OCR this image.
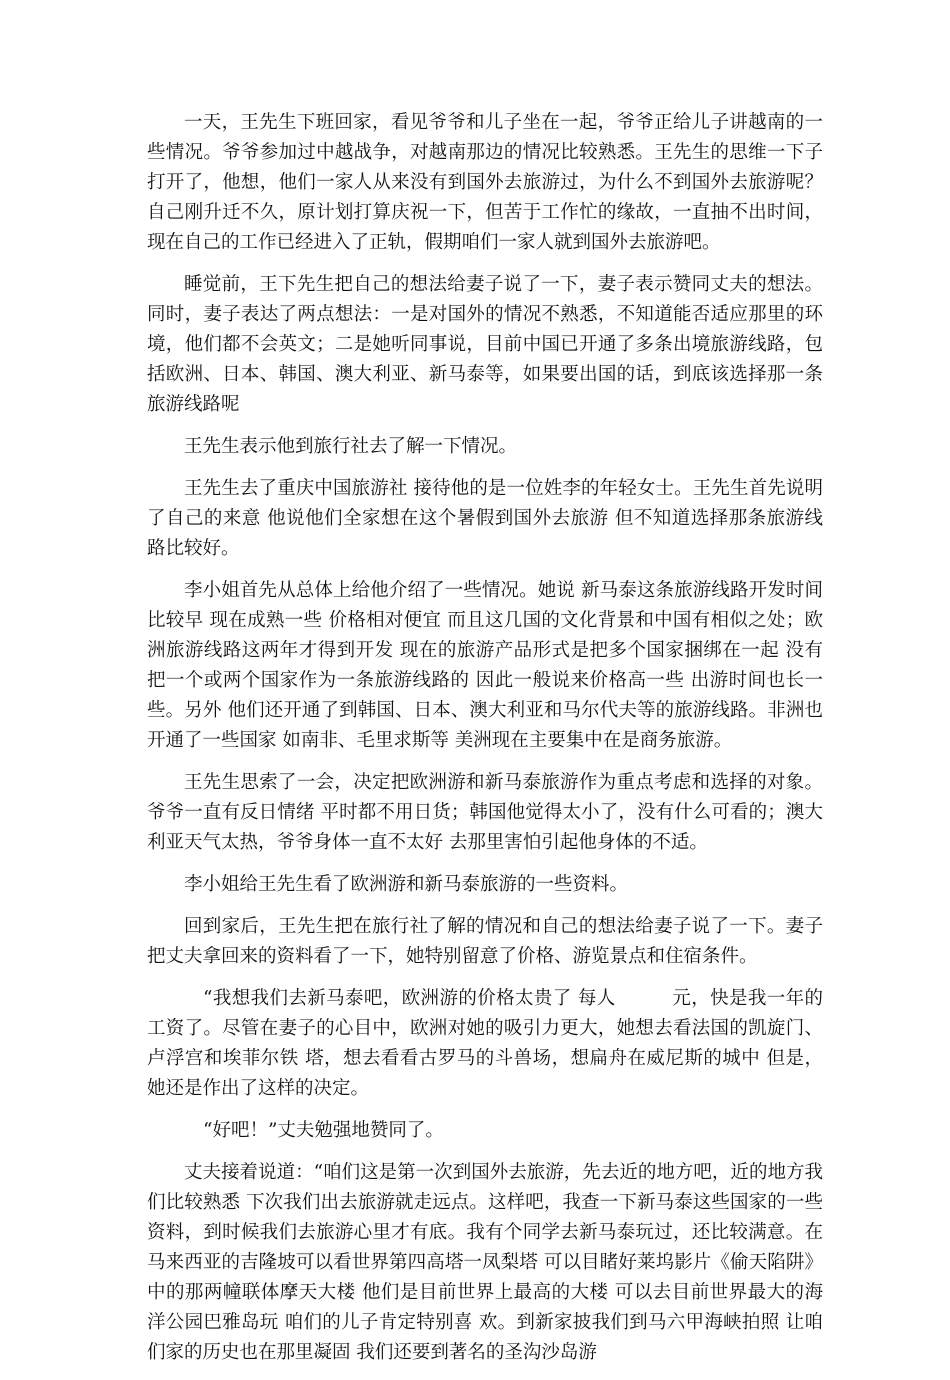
一天，王先生下班回家，看见爷爷和儿子坐在一起，爷爷正给儿子讲越南的一些情况。爷爷参加过中越战争，对越南那边的情况比较熟悉。王先生的思维一下子打开了，他想，他们一家人从来没有到国外去旅游过，为什么不到国外去旅游呢？自己刚升迁不久，原计划打算庆祝一下，但苦于工作忙的缘故，一直抽不出时间，现在自己的工作已经进入了正轨，假期咱们一家人就到国外去旅游吧。

睡觉前，王下先生把自己的想法给妻子说了一下，妻子表示赞同丈夫的想法。同时，妻子表达了两点想法：一是对国外的情况不熟悉，不知道能否适应那里的环境，他们都不会英文；二是她听同事说，目前中国已开通了多条出境旅游线路，包括欧洲、日本、韩国、澳大利亚、新马泰等，如果要出国的话，到底该选择那一条旅游线路呢

王先生表示他到旅行社去了解一下情况。

王先生去了重庆中国旅游社 接待他的是一位姓李的年轻女士。王先生首先说明了自己的来意 他说他们全家想在这个暑假到国外去旅游 但不知道选择那条旅游线路比较好。

李小姐首先从总体上给他介绍了一些情况。她说 新马泰这条旅游线路开发时间比较早 现在成熟一些 价格相对便宜 而且这几国的文化背景和中国有相似之处；欧洲旅游线路这两年才得到开发 现在的旅游产品形式是把多个国家捆绑在一起 没有把一个或两个国家作为一条旅游线路的 因此一般说来价格高一些 出游时间也长一些。另外 他们还开通了到韩国、日本、澳大利亚和马尔代夫等的旅游线路。非洲也开通了一些国家 如南非、毛里求斯等 美洲现在主要集中在是商务旅游。

王先生思索了一会，决定把欧洲游和新马泰旅游作为重点考虑和选择的对象。爷爷一直有反日情绪 平时都不用日货；韩国他觉得太小了，没有什么可看的；澳大利亚天气太热，爷爷身体一直不太好 去那里害怕引起他身体的不适。

李小姐给王先生看了欧洲游和新马泰旅游的一些资料。

回到家后，王先生把在旅行社了解的情况和自己的想法给妻子说了一下。妻子把丈夫拿回来的资料看了一下，她特别留意了价格、游览景点和住宿条件。

“我想我们去新马泰吧，欧洲游的价格太贵了 每人　　　元，快是我一年的工资了。尽管在妻子的心目中，欧洲对她的吸引力更大，她想去看法国的凯旋门、卢浮宫和埃菲尔铁 塔，想去看看古罗马的斗兽场，想扁舟在威尼斯的城中 但是，她还是作出了这样的决定。

“好吧！”丈夫勉强地赞同了。

丈夫接着说道：“咱们这是第一次到国外去旅游，先去近的地方吧，近的地方我们比较熟悉 下次我们出去旅游就走远点。这样吧，我查一下新马泰这些国家的一些资料，到时候我们去旅游心里才有底。我有个同学去新马泰玩过，还比较满意。在马来西亚的吉隆坡可以看世界第四高塔一凤梨塔 可以目睹好莱坞影片《偷天陷阱》中的那两幢联体摩天大楼 他们是目前世界上最高的大楼 可以去目前世界最大的海洋公园巴雅岛玩 咱们的儿子肯定特别喜 欢。到新家披我们到马六甲海峡拍照 让咱们家的历史也在那里凝固 我们还要到著名的圣沟沙岛游
